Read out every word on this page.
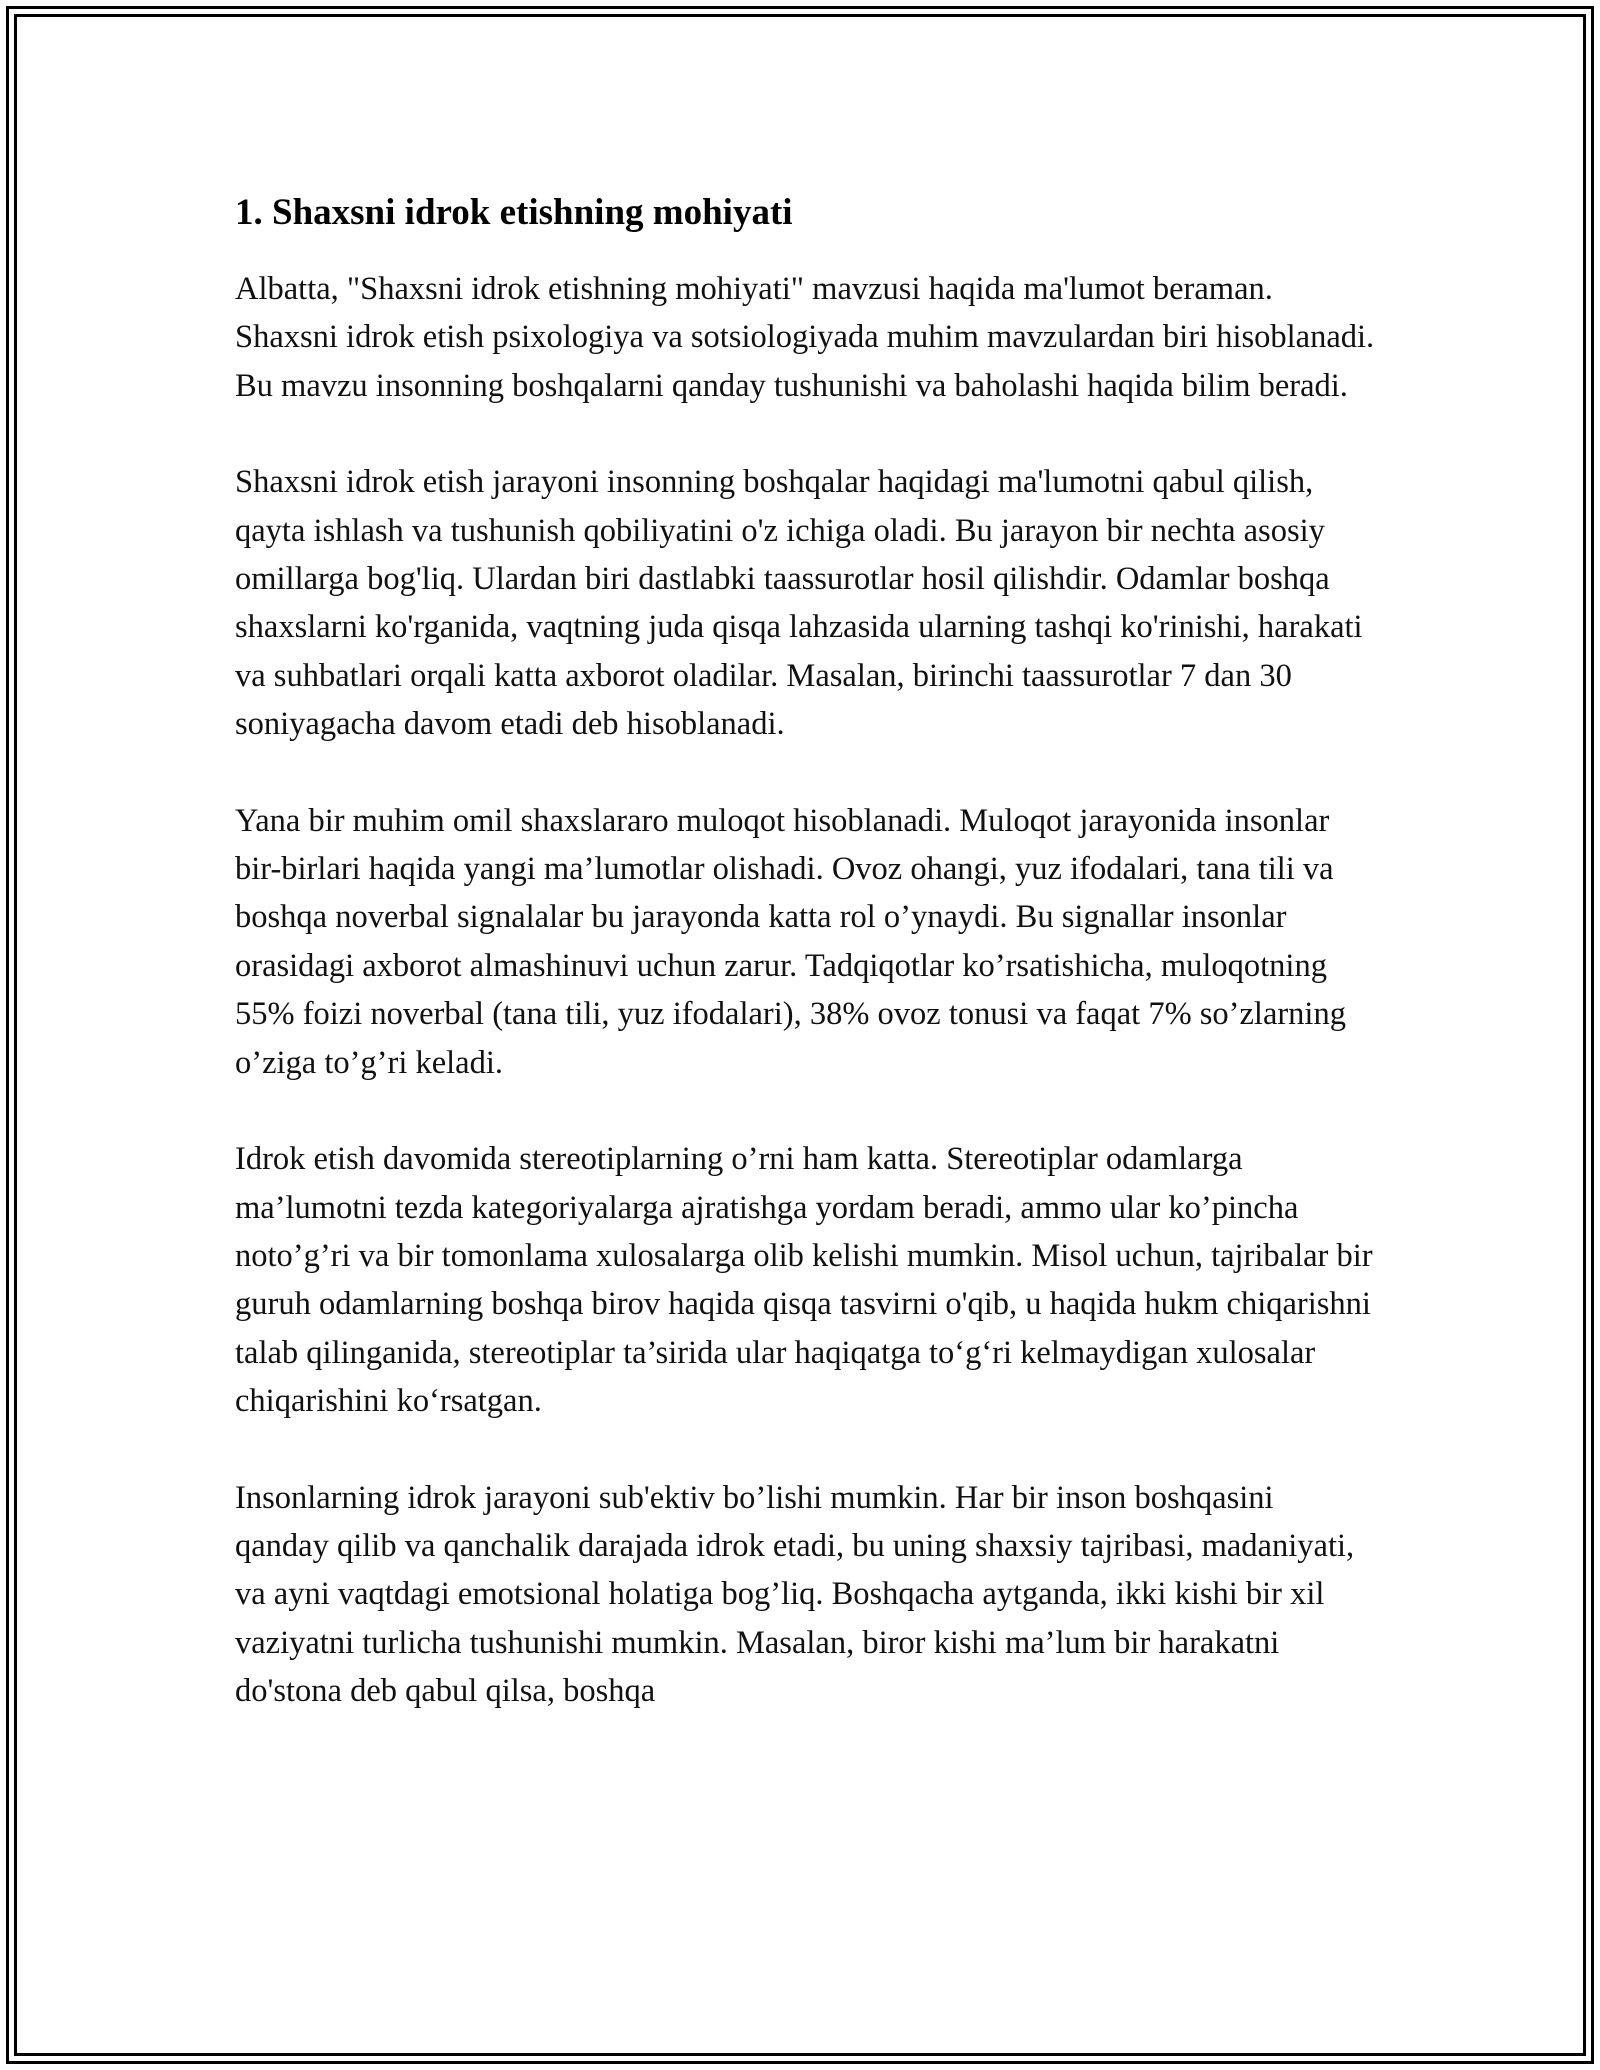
1. Shaxsni idrok etishning mohiyati

Albatta, "Shaxsni idrok etishning mohiyati" mavzusi haqida ma'lumot beraman. Shaxsni idrok etish psixologiya va sotsiologiyada muhim mavzulardan biri hisoblanadi. Bu mavzu insonning boshqalarni qanday tushunishi va baholashi haqida bilim beradi.

Shaxsni idrok etish jarayoni insonning boshqalar haqidagi ma'lumotni qabul qilish, qayta ishlash va tushunish qobiliyatini o'z ichiga oladi. Bu jarayon bir nechta asosiy omillarga bog'liq. Ulardan biri dastlabki taassurotlar hosil qilishdir. Odamlar boshqa shaxslarni ko'rganida, vaqtning juda qisqa lahzasida ularning tashqi ko'rinishi, harakati va suhbatlari orqali katta axborot oladilar. Masalan, birinchi taassurotlar 7 dan 30 soniyagacha davom etadi deb hisoblanadi.

Yana bir muhim omil shaxslararo muloqot hisoblanadi. Muloqot jarayonida insonlar bir-birlari haqida yangi ma’lumotlar olishadi. Ovoz ohangi, yuz ifodalari, tana tili va boshqa noverbal signalalar bu jarayonda katta rol o’ynaydi. Bu signallar insonlar orasidagi axborot almashinuvi uchun zarur. Tadqiqotlar ko’rsatishicha, muloqotning 55% foizi noverbal (tana tili, yuz ifodalari), 38% ovoz tonusi va faqat 7% so’zlarning o’ziga to’g’ri keladi.

Idrok etish davomida stereotiplarning o’rni ham katta. Stereotiplar odamlarga ma’lumotni tezda kategoriyalarga ajratishga yordam beradi, ammo ular ko’pincha noto’g’ri va bir tomonlama xulosalarga olib kelishi mumkin. Misol uchun, tajribalar bir guruh odamlarning boshqa birov haqida qisqa tasvirni o'qib, u haqida hukm chiqarishni talab qilinganida, stereotiplar ta’sirida ular haqiqatga to‘g‘ri kelmaydigan xulosalar chiqarishini ko‘rsatgan.

Insonlarning idrok jarayoni sub'ektiv bo’lishi mumkin. Har bir inson boshqasini qanday qilib va qanchalik darajada idrok etadi, bu uning shaxsiy tajribasi, madaniyati, va ayni vaqtdagi emotsional holatiga bog’liq. Boshqacha aytganda, ikki kishi bir xil vaziyatni turlicha tushunishi mumkin. Masalan, biror kishi ma’lum bir harakatni do'stona deb qabul qilsa, boshqa
